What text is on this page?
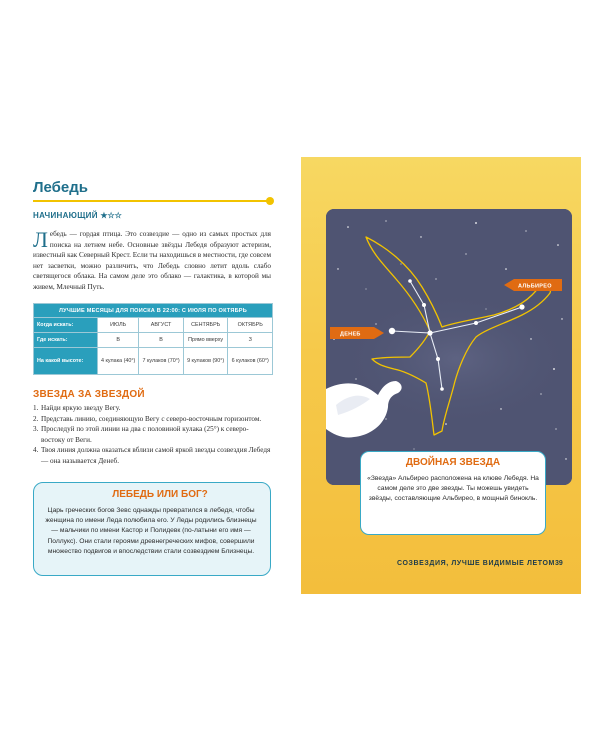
Лебедь
НАЧИНАЮЩИЙ ★☆☆
Лебедь — гордая птица. Это созвездие — одно из самых простых для поиска на летнем небе. Основные звёзды Лебедя образуют астеризм, известный как Северный Крест. Если ты находишься в местности, где совсем нет засветки, можно различить, что Лебедь словно летит вдоль слабо светящегося облака. На самом деле это облако — галактика, в которой мы живем, Млечный Путь.
ЛУЧШИЕ МЕСЯЦЫ ДЛЯ ПОИСКА В 22:00: С ИЮЛЯ ПО ОКТЯБРЬ				
Когда искать:	ИЮЛЬ	АВГУСТ	СЕНТЯБРЬ	ОКТЯБРЬ
Где искать:	В	В	Прямо вверху	З
На какой высоте:	4 кулака (40°)	7 кулаков (70°)	9 кулаков (90°)	6 кулаков (60°)
ЗВЕЗДА ЗА ЗВЕЗДОЙ
1. Найди яркую звезду Вегу.
2. Представь линию, соединяющую Вегу с северо-восточным горизонтом.
3. Проследуй по этой линии на два с половиной кулака (25°) к северо-востоку от Веги.
4. Твоя линия должна оказаться вблизи самой яркой звезды созвездия Лебедя — она называется Денеб.
ЛЕБЕДЬ ИЛИ БОГ?
Царь греческих богов Зевс однажды превратился в лебедя, чтобы женщина по имени Леда полюбила его. У Леды родились близнецы — мальчики по имени Кастор и Полидевк (по-латыни его имя — Поллукс). Они стали героями древнегреческих мифов, совершили множество подвигов и впоследствии стали созвездием Близнецы.
ДЕНЕБ
АЛЬБИРЕО
ДВОЙНАЯ ЗВЕЗДА
«Звезда» Альбирео расположена на клюве Лебедя. На самом деле это две звезды. Ты можешь увидеть звёзды, составляющие Альбирео, в мощный бинокль.
СОЗВЕЗДИЯ, ЛУЧШЕ ВИДИМЫЕ ЛЕТОМ 39
